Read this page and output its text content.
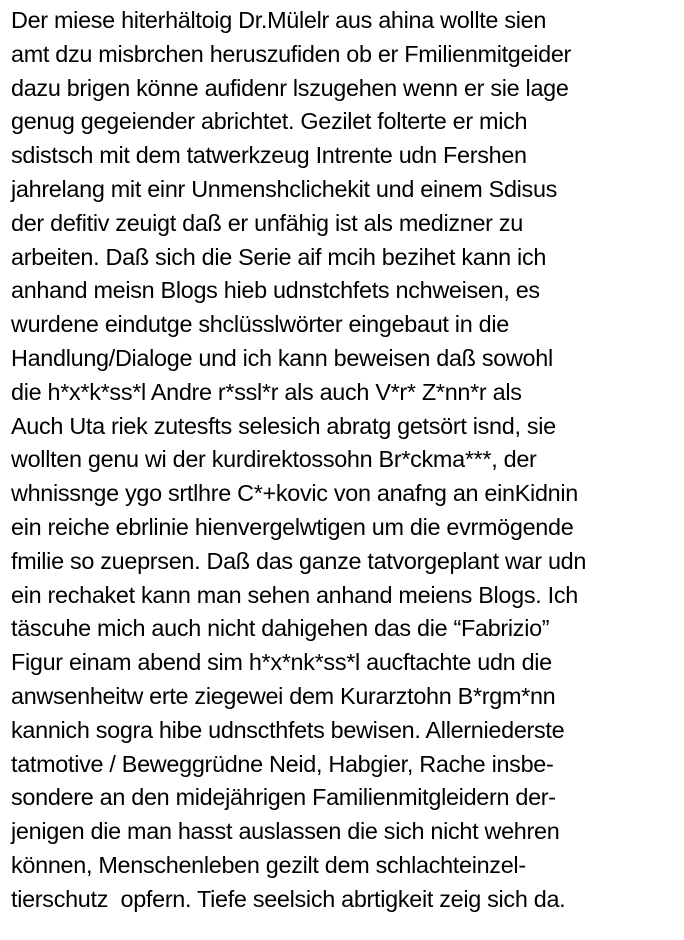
Der miese hiterhältoig Dr.Mülelr aus ahina wollte sien
amt dzu misbrchen heruszufiden ob er Fmilienmitgeider
dazu brigen könne aufidenr lszugehen wenn er sie lage
genug gegeiender abrichtet. Gezilet folterte er mich
sdistsch mit dem tatwerkzeug Intrente udn Fershen
jahrelang mit einr Unmenshclichekit und einem Sdisus
der defitiv zeuigt daß er unfähig ist als medizner zu
arbeiten. Daß sich die Serie aif mcih bezihet kann ich
anhand meisn Blogs hieb udnstchfets nchweisen, es
wurdene eindutge shclüsslwörter eingebaut in die
Handlung/Dialoge und ich kann beweisen daß sowohl
die h*x*k*ss*l Andre r*ssl*r als auch V*r* Z*nn*r als
Auch Uta riek zutesfts selesich abratg getsört isnd, sie
wollten genu wi der kurdirektossohn Br*ckma***, der
whnissnge ygo srtlhre C*+kovic von anafng an einKidnin
ein reiche ebrlinie hienvergelwtigen um die evrmögende
fmilie so zueprsen. Daß das ganze tatvorgeplant war udn
ein rechaket kann man sehen anhand meiens Blogs. Ich
täscuhe mich auch nicht dahigehen das die “Fabrizio”
Figur einam abend sim h*x*nk*ss*l aucftachte udn die
anwsenheitw erte ziegewei dem Kurarztohn B*rgm*nn
kannich sogra hibe udnscthfets bewisen. Allerniederste
tatmotive / Beweggrüdne Neid, Habgier, Rache insbe-
sondere an den midejährigen Familienmitgleidern der-
jenigen die man hasst auslassen die sich nicht wehren
können, Menschenleben gezilt dem schlachteinzel-
tierschutz  opfern. Tiefe seelsich abrtigkeit zeig sich da.
